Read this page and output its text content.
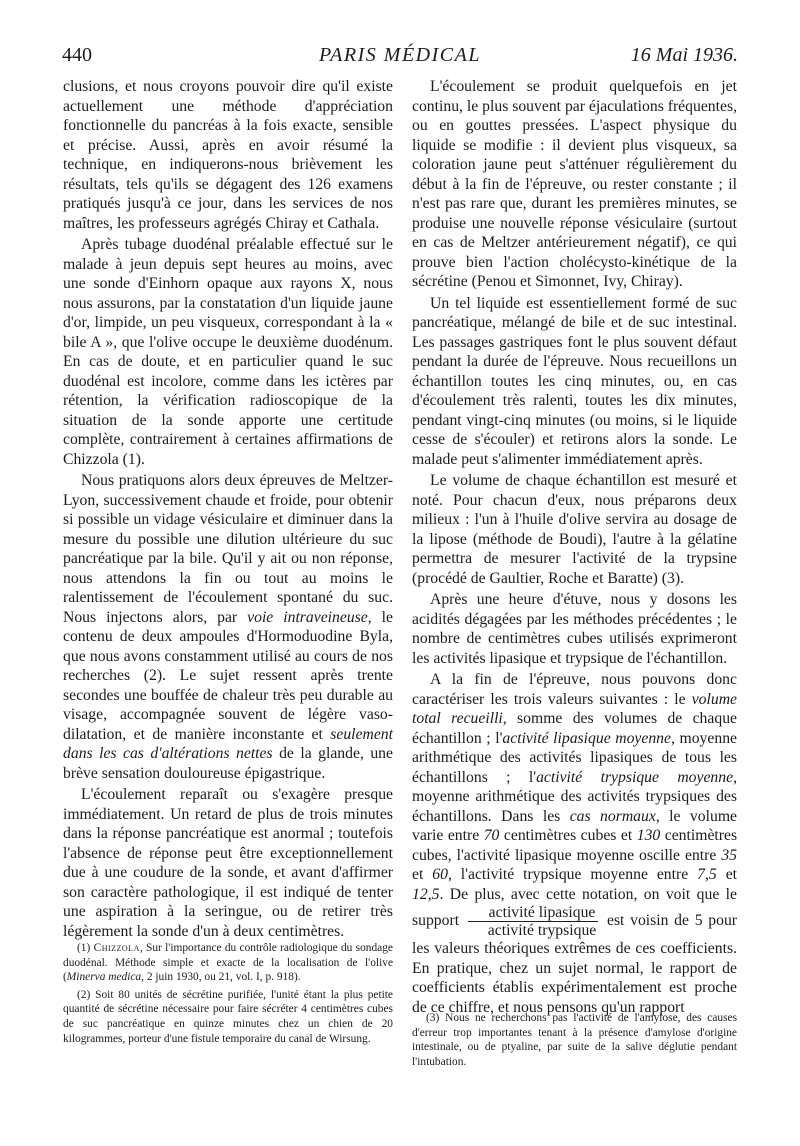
440	PARIS MÉDICAL	16 Mai 1936.

clusions, et nous croyons pouvoir dire qu'il existe actuellement une méthode d'appréciation fonctionnelle du pancréas à la fois exacte, sensible et précise. Aussi, après en avoir résumé la technique, en indiquerons-nous brièvement les résultats, tels qu'ils se dégagent des 126 examens pratiqués jusqu'à ce jour, dans les services de nos maîtres, les professeurs agrégés Chiray et Cathala.

Après tubage duodénal préalable effectué sur le malade à jeun depuis sept heures au moins, avec une sonde d'Einhorn opaque aux rayons X, nous nous assurons, par la constatation d'un liquide jaune d'or, limpide, un peu visqueux, correspondant à la « bile A », que l'olive occupe le deuxième duodénum. En cas de doute, et en particulier quand le suc duodénal est incolore, comme dans les ictères par rétention, la vérification radioscopique de la situation de la sonde apporte une certitude complète, contrairement à certaines affirmations de Chizzola (1).

Nous pratiquons alors deux épreuves de Meltzer-Lyon, successivement chaude et froide, pour obtenir si possible un vidage vésiculaire et diminuer dans la mesure du possible une dilution ultérieure du suc pancréatique par la bile. Qu'il y ait ou non réponse, nous attendons la fin ou tout au moins le ralentissement de l'écoulement spontané du suc. Nous injectons alors, par voie intraveineuse, le contenu de deux ampoules d'Hormoduodine Byla, que nous avons constamment utilisé au cours de nos recherches (2). Le sujet ressent après trente secondes une bouffée de chaleur très peu durable au visage, accompagnée souvent de légère vaso-dilatation, et de manière inconstante et seulement dans les cas d'altérations nettes de la glande, une brève sensation douloureuse épigastrique.

L'écoulement reparaît ou s'exagère presque immédiatement. Un retard de plus de trois minutes dans la réponse pancréatique est anormal ; toutefois l'absence de réponse peut être exceptionnellement due à une coudure de la sonde, et avant d'affirmer son caractère pathologique, il est indiqué de tenter une aspiration à la seringue, ou de retirer très légèrement la sonde d'un à deux centimètres.

(1) Chizzola, Sur l'importance du contrôle radiologique du sondage duodénal. Méthode simple et exacte de la localisation de l'olive (Minerva medica, 2 juin 1930, ou 21, vol. I, p. 918).

(2) Soit 80 unités de sécrétine purifiée, l'unité étant la plus petite quantité de sécrétine nécessaire pour faire sécréter 4 centimètres cubes de suc pancréatique en quinze minutes chez un chien de 20 kilogrammes, porteur d'une fistule temporaire du canal de Wirsung.

L'écoulement se produit quelquefois en jet continu, le plus souvent par éjaculations fréquentes, ou en gouttes pressées. L'aspect physique du liquide se modifie : il devient plus visqueux, sa coloration jaune peut s'atténuer régulièrement du début à la fin de l'épreuve, ou rester constante ; il n'est pas rare que, durant les premières minutes, se produise une nouvelle réponse vésiculaire (surtout en cas de Meltzer antérieurement négatif), ce qui prouve bien l'action cholécysto-kinétique de la sécrétine (Penou et Simonnet, Ivy, Chiray).

Un tel liquide est essentiellement formé de suc pancréatique, mélangé de bile et de suc intestinal. Les passages gastriques font le plus souvent défaut pendant la durée de l'épreuve. Nous recueillons un échantillon toutes les cinq minutes, ou, en cas d'écoulement très ralenti, toutes les dix minutes, pendant vingt-cinq minutes (ou moins, si le liquide cesse de s'écouler) et retirons alors la sonde. Le malade peut s'alimenter immédiatement après.

Le volume de chaque échantillon est mesuré et noté. Pour chacun d'eux, nous préparons deux milieux : l'un à l'huile d'olive servira au dosage de la lipose (méthode de Boudi), l'autre à la gélatine permettra de mesurer l'activité de la trypsine (procédé de Gaultier, Roche et Baratte) (3).

Après une heure d'étuve, nous y dosons les acidités dégagées par les méthodes précédentes ; le nombre de centimètres cubes utilisés exprimeront les activités lipasique et trypsique de l'échantillon.

A la fin de l'épreuve, nous pouvons donc caractériser les trois valeurs suivantes : le volume total recueilli, somme des volumes de chaque échantillon ; l'activité lipasique moyenne, moyenne arithmétique des activités lipasiques de tous les échantillons ; l'activité trypsique moyenne, moyenne arithmétique des activités trypsiques des échantillons. Dans les cas normaux, le volume varie entre 70 centimètres cubes et 130 centimètres cubes, l'activité lipasique moyenne oscille entre 35 et 60, l'activité trypsique moyenne entre 7,5 et 12,5. De plus, avec cette notation, on voit que le support $\frac{\text{activité lipasique}}{\text{activité trypsique}}$ est voisin de 5 pour les valeurs théoriques extrêmes de ces coefficients. En pratique, chez un sujet normal, le rapport de coefficients établis expérimentalement est proche de ce chiffre, et nous pensons qu'un rapport

(3) Nous ne recherchons pas l'activité de l'amylose, des causes d'erreur trop importantes tenant à la présence d'amylose d'origine intestinale, ou de ptyaline, par suite de la salive déglutie pendant l'intubation.
